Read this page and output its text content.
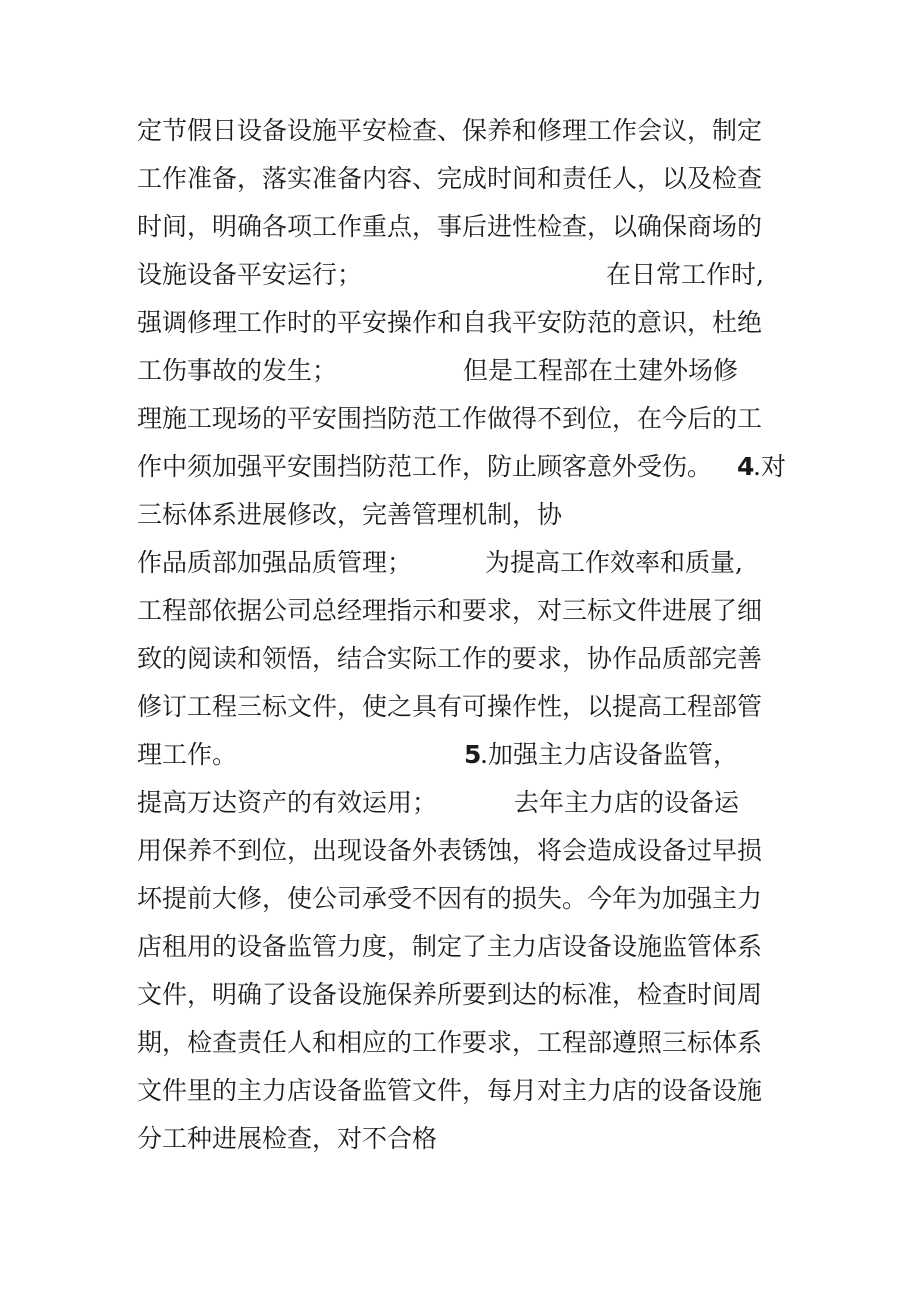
定节假日设备设施平安检查、保养和修理工作会议，制定
工作准备，落实准备内容、完成时间和责任人，以及检查
时间，明确各项工作重点，事后进性检查，以确保商场的
设施设备平安运行；	在日常工作时,
强调修理工作时的平安操作和自我平安防范的意识，杜绝
工伤事故的发生；	但是工程部在土建外场修
理施工现场的平安围挡防范工作做得不到位，在今后的工
作中须加强平安围挡防范工作，防止顾客意外受伤。 4
.对
三标体系进展修改，完善管理机制，协
作品质部加强品质管理；	为提高工作效率和质量,
工程部依据公司总经理指示和要求，对三标文件进展了细
致的阅读和领悟，结合实际工作的要求，协作品质部完善
修订工程三标文件，使之具有可操作性，以提高工程部管
理工作。	5
.加强主力店设备监管，
提高万达资产的有效运用；	去年主力店的设备运
用保养不到位，出现设备外表锈蚀，将会造成设备过早损
坏提前大修，使公司承受不因有的损失。今年为加强主力
店租用的设备监管力度，制定了主力店设备设施监管体系
文件，明确了设备设施保养所要到达的标准，检查时间周
期，检查责任人和相应的工作要求，工程部遵照三标体系
文件里的主力店设备监管文件，每月对主力店的设备设施
分工种进展检查，对不合格
